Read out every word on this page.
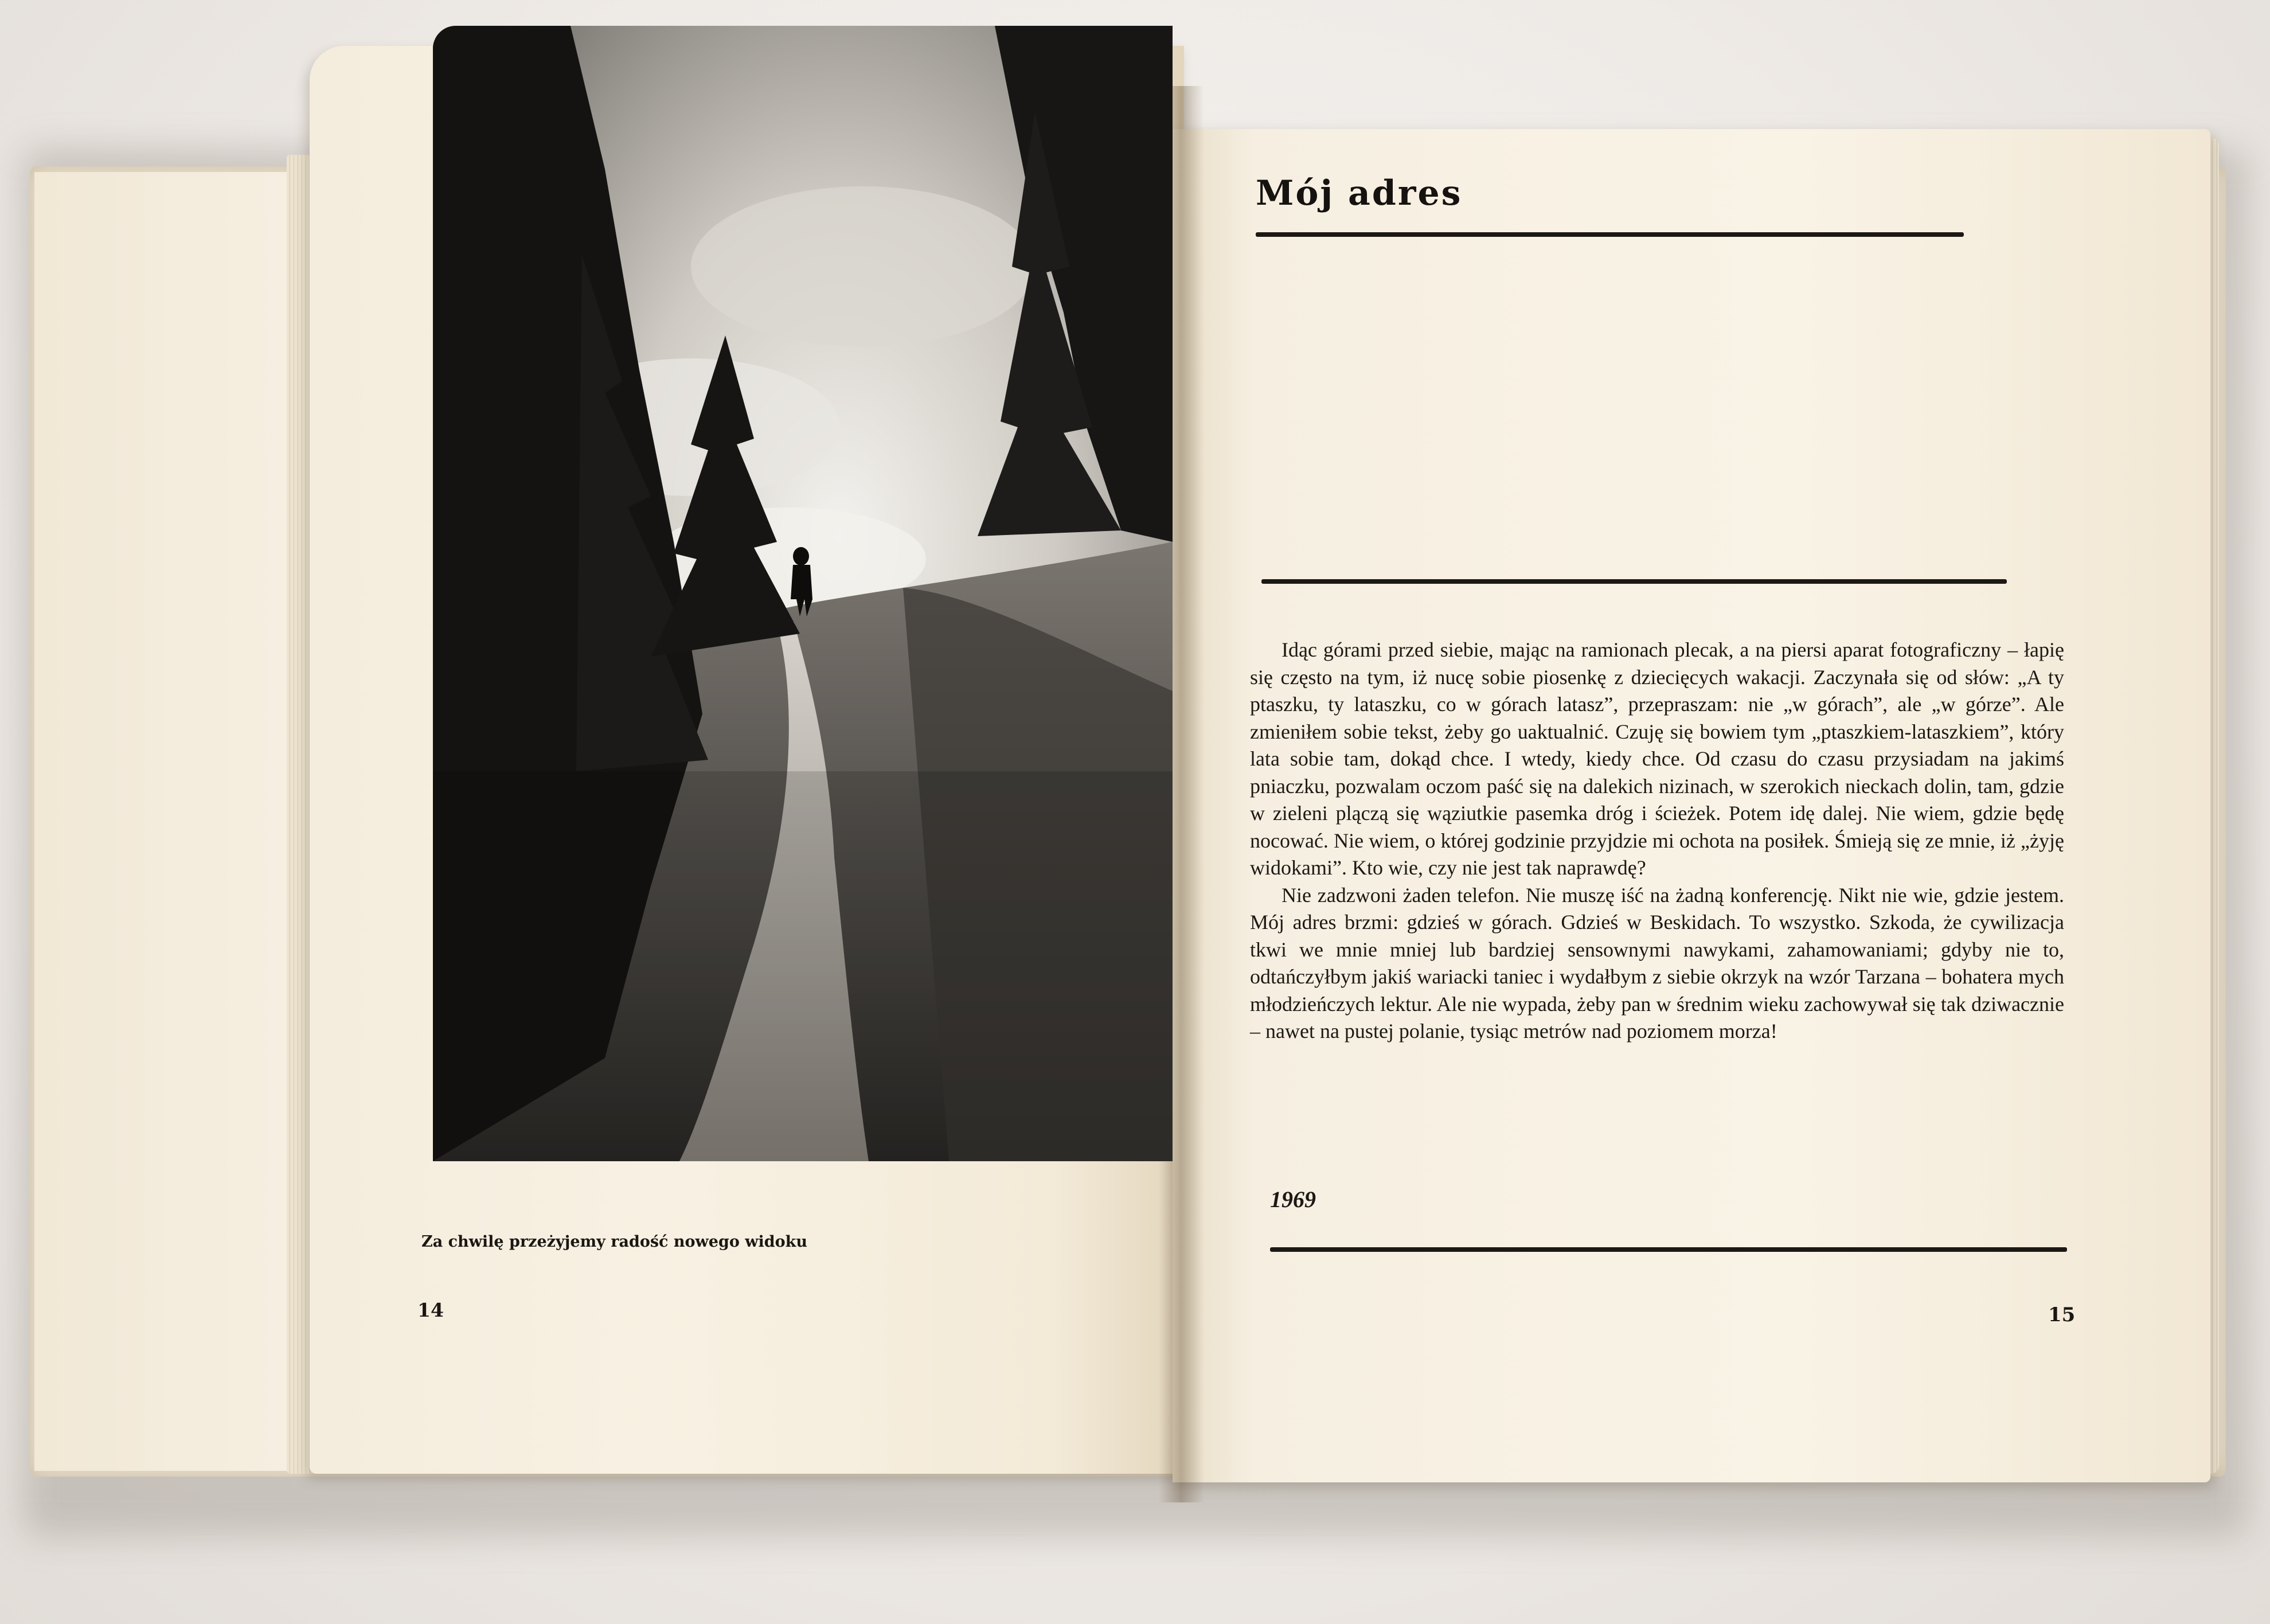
Za chwilę przeżyjemy radość nowego widoku
14
Mój adres

Idąc górami przed siebie, mając na ramionach plecak, a na piersi aparat fotograficzny – łapię się często na tym, iż nucę sobie piosenkę z dziecięcych wakacji. Zaczynała się od słów: „A ty ptaszku, ty lataszku, co w górach latasz”, przepraszam: nie „w górach”, ale „w górze”. Ale zmieniłem sobie tekst, żeby go uaktualnić. Czuję się bowiem tym „ptaszkiem-lataszkiem”, który lata sobie tam, dokąd chce. I wtedy, kiedy chce. Od czasu do czasu przysiadam na jakimś pniaczku, pozwalam oczom paść się na dalekich nizinach, w szerokich nieckach dolin, tam, gdzie w zieleni plączą się wąziutkie pasemka dróg i ścieżek. Potem idę dalej. Nie wiem, gdzie będę nocować. Nie wiem, o której godzinie przyjdzie mi ochota na posiłek. Śmieją się ze mnie, iż „żyję widokami”. Kto wie, czy nie jest tak naprawdę?

Nie zadzwoni żaden telefon. Nie muszę iść na żadną konferencję. Nikt nie wie, gdzie jestem. Mój adres brzmi: gdzieś w górach. Gdzieś w Beskidach. To wszystko. Szkoda, że cywilizacja tkwi we mnie mniej lub bardziej sensownymi nawykami, zahamowaniami; gdyby nie to, odtańczyłbym jakiś wariacki taniec i wydałbym z siebie okrzyk na wzór Tarzana – bohatera mych młodzieńczych lektur. Ale nie wypada, żeby pan w średnim wieku zachowywał się tak dziwacznie – nawet na pustej polanie, tysiąc metrów nad poziomem morza!

1969
15
